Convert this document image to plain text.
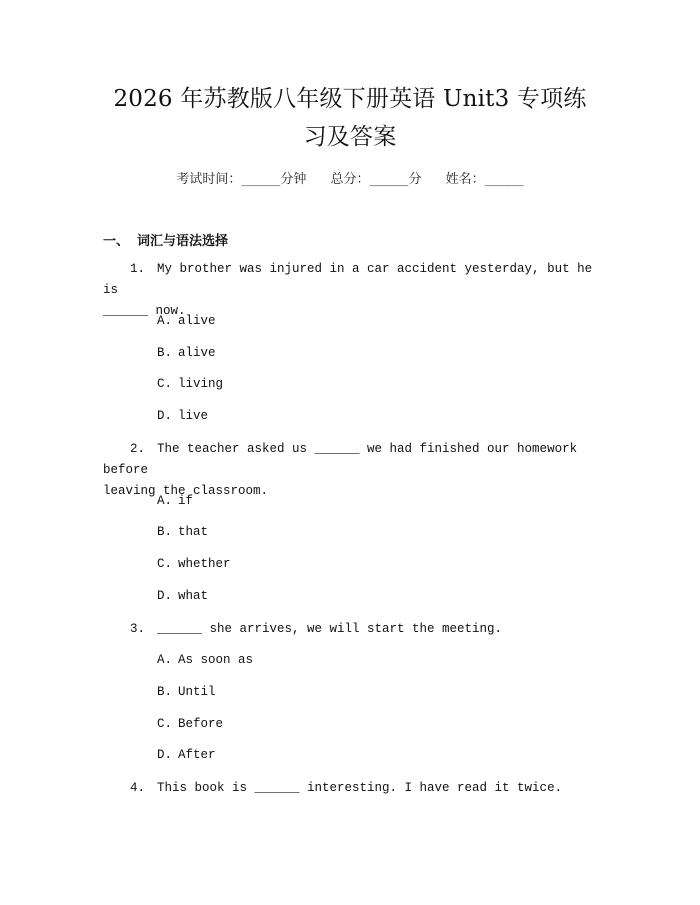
2026 年苏教版八年级下册英语 Unit3 专项练
习及答案
考试时间：______分钟 总分：______分 姓名：______
一、 词汇与语法选择
1. My brother was injured in a car accident yesterday, but he is
______ now.
A. alive
B. alive
C. living
D. live
2. The teacher asked us ______ we had finished our homework before
leaving the classroom.
A. if
B. that
C. whether
D. what
3. ______ she arrives, we will start the meeting.
A. As soon as
B. Until
C. Before
D. After
4. This book is ______ interesting. I have read it twice.
